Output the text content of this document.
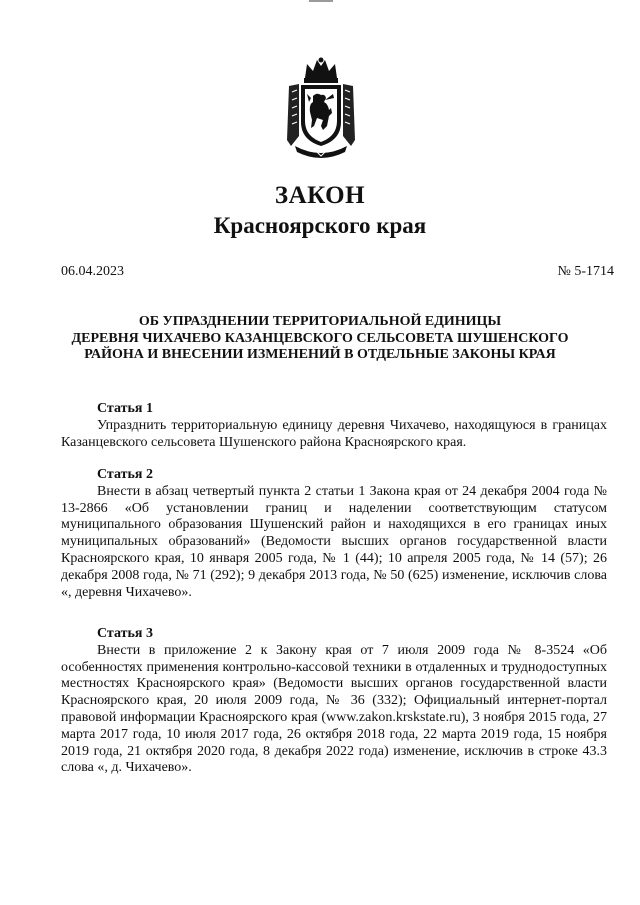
ЗАКОН
Красноярского края
06.04.2023	№ 5-1714
ОБ УПРАЗДНЕНИИ ТЕРРИТОРИАЛЬНОЙ ЕДИНИЦЫ
ДЕРЕВНЯ ЧИХАЧЕВО КАЗАНЦЕВСКОГО СЕЛЬСОВЕТА ШУШЕНСКОГО
РАЙОНА И ВНЕСЕНИИ ИЗМЕНЕНИЙ В ОТДЕЛЬНЫЕ ЗАКОНЫ КРАЯ
Статья 1

Упразднить территориальную единицу деревня Чихачево, находящуюся в границах Казанцевского сельсовета Шушенского района Красноярского края.

Статья 2

Внести в абзац четвертый пункта 2 статьи 1 Закона края от 24 декабря 2004 года № 13-2866 «Об установлении границ и наделении соответствующим статусом муниципального образования Шушенский район и находящихся в его границах иных муниципальных образований» (Ведомости высших органов государственной власти Красноярского края, 10 января 2005 года, № 1 (44); 10 апреля 2005 года, № 14 (57); 26 декабря 2008 года, № 71 (292); 9 декабря 2013 года, № 50 (625) изменение, исключив слова «, деревня Чихачево».

Статья 3

Внести в приложение 2 к Закону края от 7 июля 2009 года № 8-3524 «Об особенностях применения контрольно-кассовой техники в отдаленных и труднодоступных местностях Красноярского края» (Ведомости высших органов государственной власти Красноярского края, 20 июля 2009 года, № 36 (332); Официальный интернет-портал правовой информации Красноярского края (www.zakon.krskstate.ru), 3 ноября 2015 года, 27 марта 2017 года, 10 июля 2017 года, 26 октября 2018 года, 22 марта 2019 года, 15 ноября 2019 года, 21 октября 2020 года, 8 декабря 2022 года) изменение, исключив в строке 43.3 слова «, д. Чихачево».
